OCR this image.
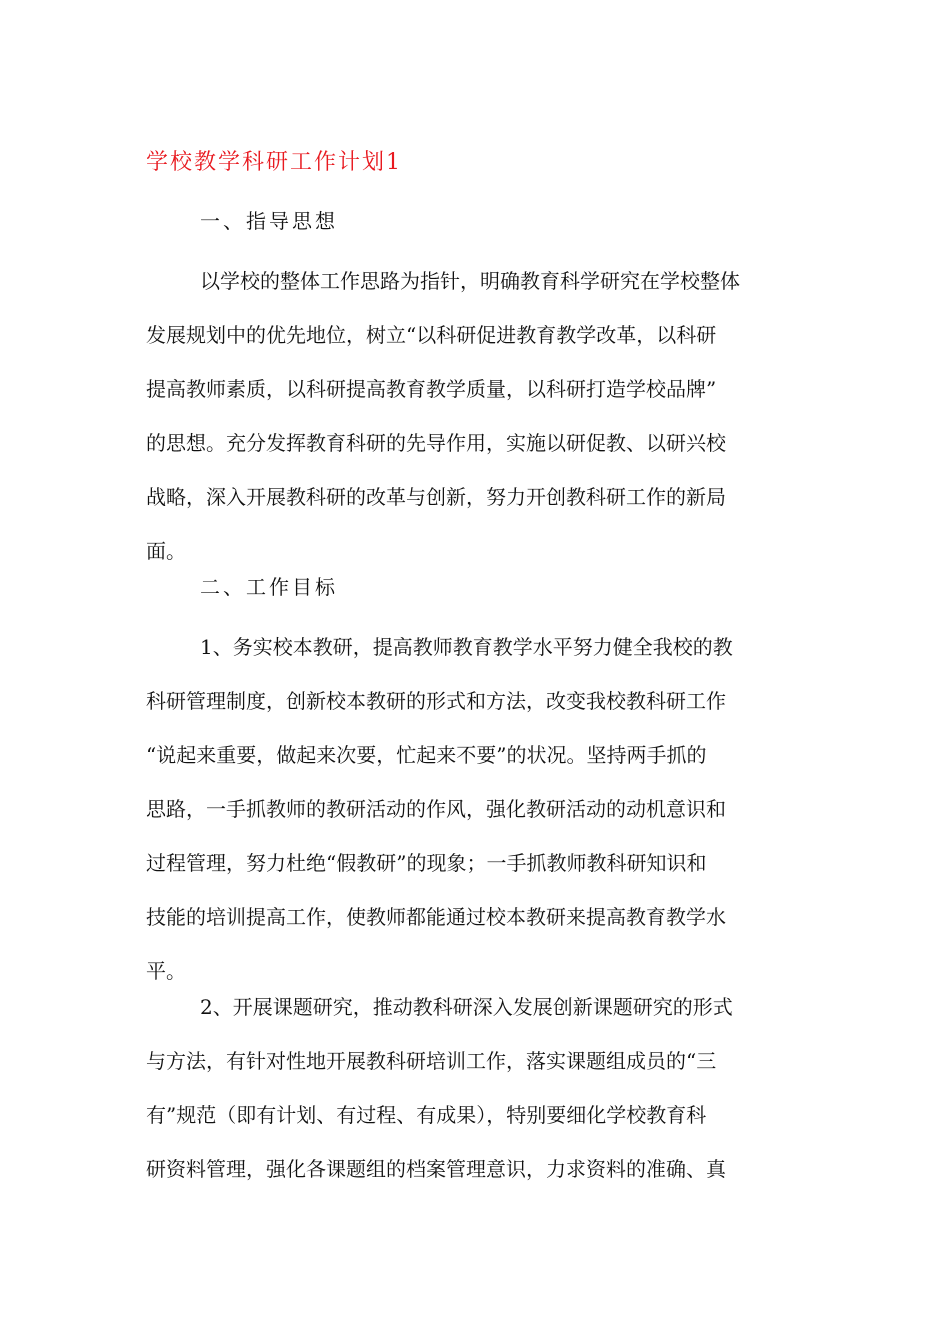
学校教学科研工作计划1
一、指导思想
以学校的整体工作思路为指针，明确教育科学研究在学校整体
发展规划中的优先地位，树立“以科研促进教育教学改革，以科研
提高教师素质，以科研提高教育教学质量，以科研打造学校品牌”
的思想。充分发挥教育科研的先导作用，实施以研促教、以研兴校
战略，深入开展教科研的改革与创新，努力开创教科研工作的新局
面。
二、工作目标
1、务实校本教研，提高教师教育教学水平努力健全我校的教
科研管理制度，创新校本教研的形式和方法，改变我校教科研工作
“说起来重要，做起来次要，忙起来不要”的状况。坚持两手抓的
思路，一手抓教师的教研活动的作风，强化教研活动的动机意识和
过程管理，努力杜绝“假教研”的现象；一手抓教师教科研知识和
技能的培训提高工作，使教师都能通过校本教研来提高教育教学水
平。
2、开展课题研究，推动教科研深入发展创新课题研究的形式
与方法，有针对性地开展教科研培训工作，落实课题组成员的“三
有”规范（即有计划、有过程、有成果），特别要细化学校教育科
研资料管理，强化各课题组的档案管理意识，力求资料的准确、真
